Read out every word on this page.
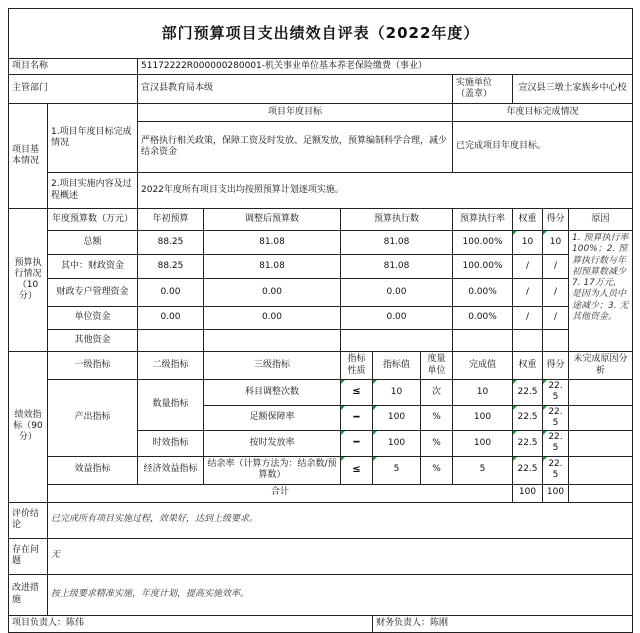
部门预算项目支出绩效自评表（2022年度）										
项目名称		51172222R000000280001-机关事业单位基本养老保险缴费（事业）								
主管部门		宣汉县教育局本级					实施单位（盖章）	宣汉县三墩土家族乡中心校		
项目基本情况	1.项目年度目标完成情况	项目年度目标					年度目标完成情况			
		严格执行相关政策，保障工资及时发放、足额发放，预算编制科学合理，减少结余资金					已完成项目年度目标。			
	2.项目实施内容及过程概述	2022年度所有项目支出均按照预算计划逐项实施。								
预算执行情况（10分）	年度预算数（万元）	年初预算	调整后预算数	预算执行数			预算执行率	权重	得分	原因
	总额	88.25	81.08	81.08			100.00%	10	10	1. 预算执行率100%；2. 预算执行数与年初预算数减少7. 17万元，是因为人员中途减少；3. 无其他资金。

	其中：财政资金	88.25	81.08	81.08			100.00%	/	/	
	财政专户管理资金	0.00	0.00	0.00			0.00%	/	/	
	单位资金	0.00	0.00	0.00			0.00%	/	/	
	其他资金									
绩效指标（90分）	一级指标	二级指标	三级指标	指标性质	指标值	度量单位	完成值	权重	得分	未完成原因分析
	产出指标	数量指标	科目调整次数	≤	10	次	10	22.5	22.5	
			足额保障率	━	100	%	100	22.5	22.5	
		时效指标	按时发放率	━	100	%	100	22.5	22.5	
	效益指标	经济效益指标	结余率（计算方法为：结余数/预算数）	≤	5	%	5	22.5	22.5	
	合计							100	100	
评价结论	已完成所有项目实施过程，效果好，达到上级要求。									
存在问题	无									
改进措施	按上级要求精准实施，年度计划，提高实施效率。									
项目负责人：陈伟					财务负责人：陈刚					
